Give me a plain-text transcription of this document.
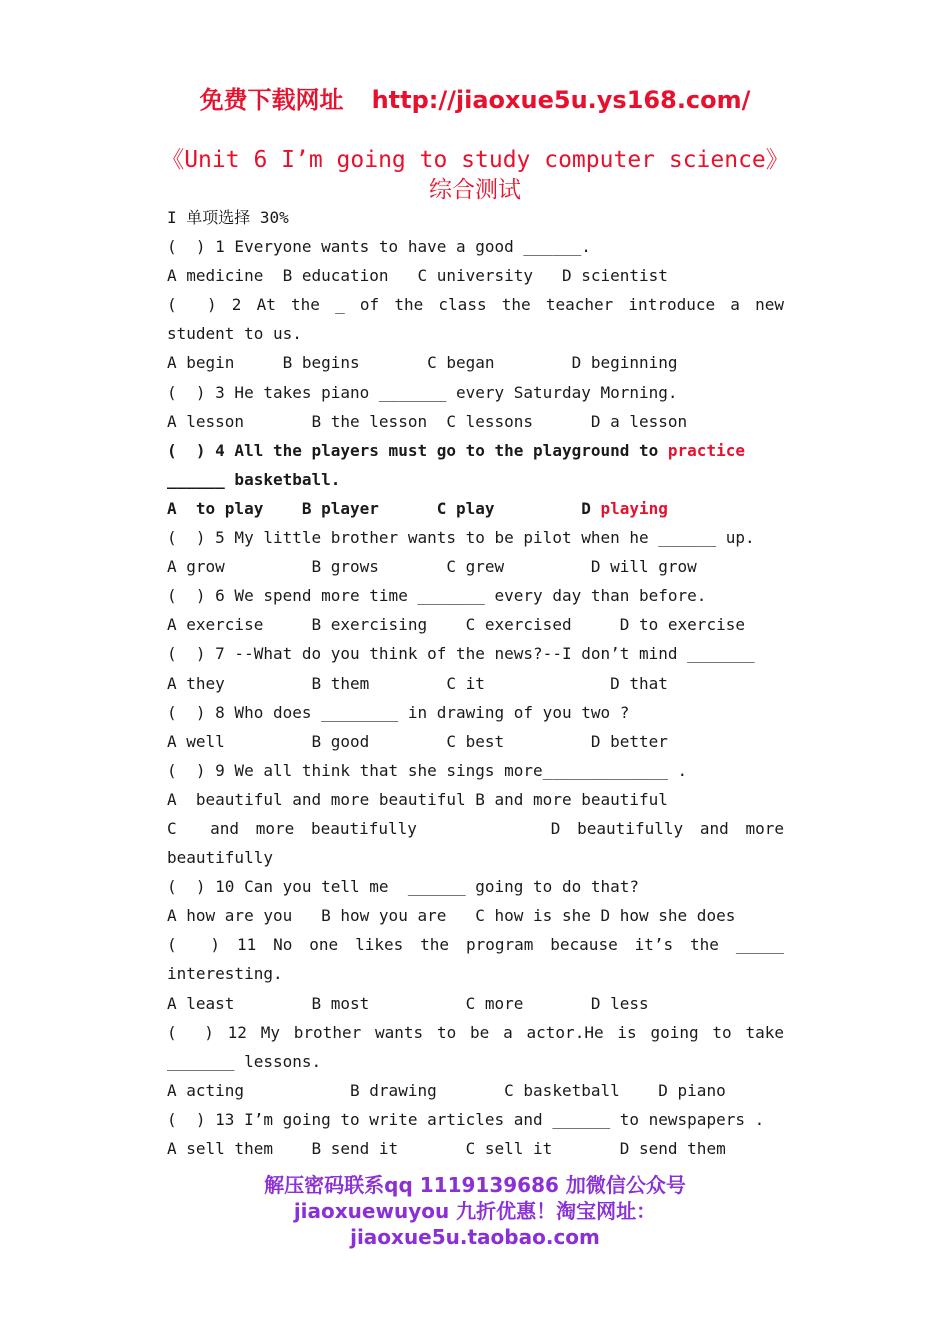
免费下载网址 http://jiaoxue5u.ys168.com/
《Unit 6 I’m going to study computer science》综合测试
I 单项选择 30%
(  ) 1 Everyone wants to have a good ______.
A medicine  B education   C university   D scientist
(  ) 2 At the _ of the class the teacher introduce a new
student to us.
A begin     B begins       C began        D beginning
(  ) 3 He takes piano _______ every Saturday Morning.
A lesson       B the lesson  C lessons      D a lesson
(  ) 4 All the players must go to the playground to practice
______ basketball.
A  to play    B player      C play         D playing
(  ) 5 My little brother wants to be pilot when he ______ up.
A grow         B grows       C grew         D will grow
(  ) 6 We spend more time _______ every day than before.
A exercise     B exercising    C exercised     D to exercise
(  ) 7 --What do you think of the news?--I don’t mind _______
A they         B them        C it             D that
(  ) 8 Who does ________ in drawing of you two ?
A well         B good        C best         D better
(  ) 9 We all think that she sings more_____________ .
A  beautiful and more beautiful B and more beautiful
C  and more beautifully        D beautifully and more
beautifully
(  ) 10 Can you tell me  ______ going to do that?
A how are you   B how you are   C how is she D how she does
(  ) 11 No one likes the program because it’s the _____
interesting.
A least        B most          C more       D less
(  ) 12 My brother wants to be a actor.He is going to take
_______ lessons.
A acting           B drawing       C basketball    D piano
(  ) 13 I’m going to write articles and ______ to newspapers .
A sell them    B send it       C sell it       D send them
解压密码联系qq 1119139686 加微信公众号
jiaoxuewuyou 九折优惠！淘宝网址：
jiaoxue5u.taobao.com
